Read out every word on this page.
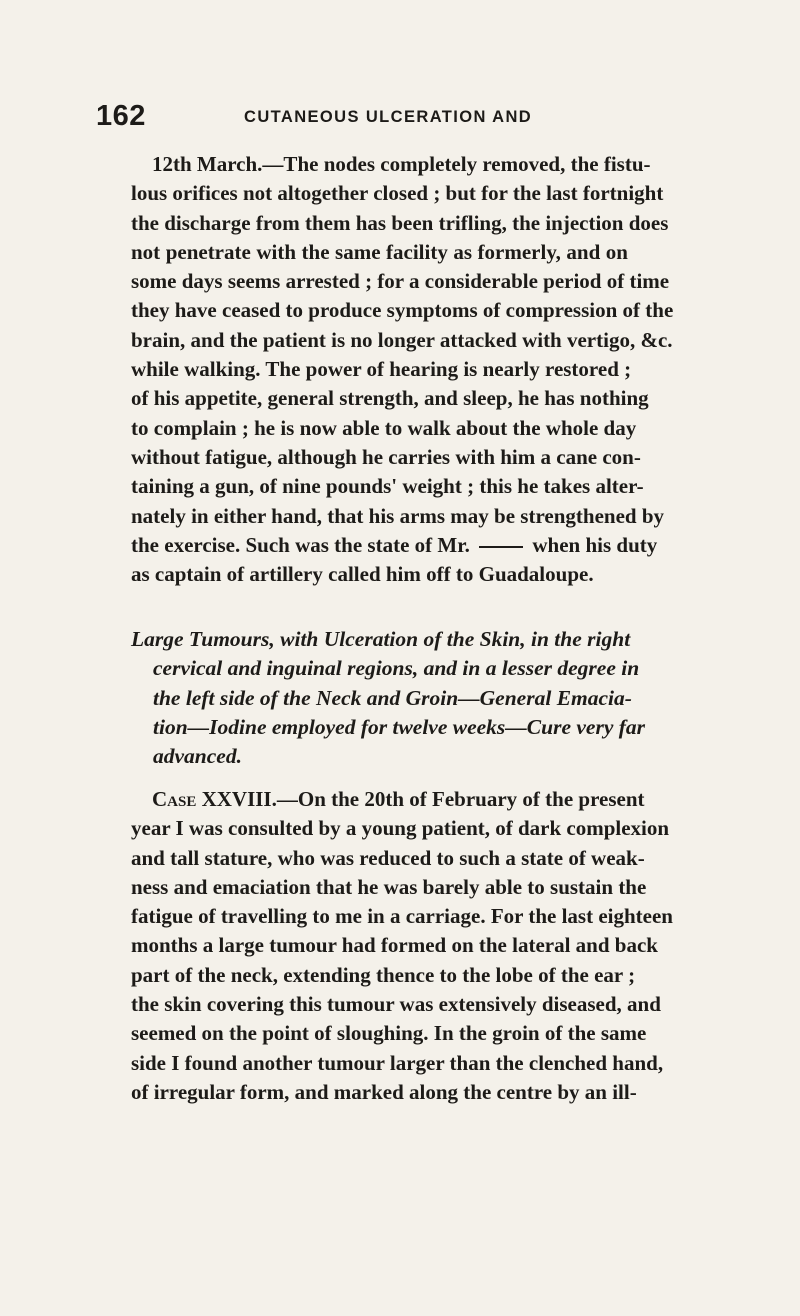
162	CUTANEOUS ULCERATION AND
12th March.—The nodes completely removed, the fistu-
lous orifices not altogether closed ; but for the last fortnight
the discharge from them has been trifling, the injection does
not penetrate with the same facility as formerly, and on
some days seems arrested ; for a considerable period of time
they have ceased to produce symptoms of compression of the
brain, and the patient is no longer attacked with vertigo, &c.
while walking. The power of hearing is nearly restored ;
of his appetite, general strength, and sleep, he has nothing
to complain ; he is now able to walk about the whole day
without fatigue, although he carries with him a cane con-
taining a gun, of nine pounds' weight ; this he takes alter-
nately in either hand, that his arms may be strengthened by
the exercise. Such was the state of Mr.	when his duty
as captain of artillery called him off to Guadaloupe.
Large Tumours, with Ulceration of the Skin, in the right
cervical and inguinal regions, and in a lesser degree in
the left side of the Neck and Groin—General Emacia-
tion—Iodine employed for twelve weeks—Cure very far
advanced.
Case XXVIII.—On the 20th of February of the present
year I was consulted by a young patient, of dark complexion
and tall stature, who was reduced to such a state of weak-
ness and emaciation that he was barely able to sustain the
fatigue of travelling to me in a carriage. For the last eighteen
months a large tumour had formed on the lateral and back
part of the neck, extending thence to the lobe of the ear ;
the skin covering this tumour was extensively diseased, and
seemed on the point of sloughing. In the groin of the same
side I found another tumour larger than the clenched hand,
of irregular form, and marked along the centre by an ill-
